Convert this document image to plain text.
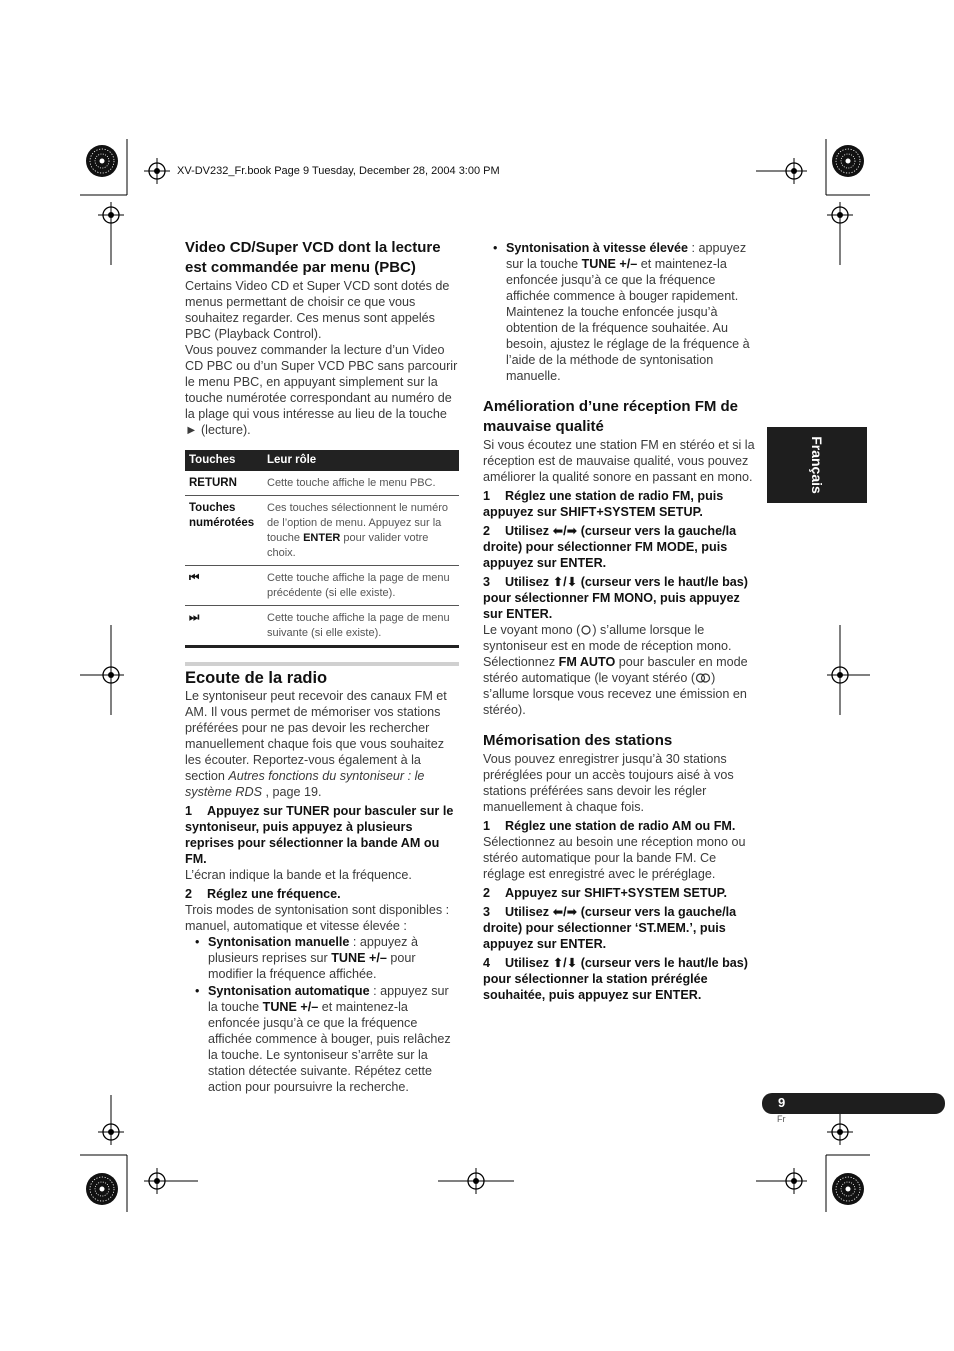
XV-DV232_Fr.book Page 9 Tuesday, December 28, 2004 3:00 PM

Video CD/Super VCD dont la lecture est commandée par menu (PBC)

Certains Video CD et Super VCD sont dotés de menus permettant de choisir ce que vous souhaitez regarder. Ces menus sont appelés PBC (Playback Control).

Vous pouvez commander la lecture d’un Video CD PBC ou d’un Super VCD PBC sans parcourir le menu PBC, en appuyant simplement sur la touche numérotée correspondant au numéro de la plage qui vous intéresse au lieu de la touche ► (lecture).

Touches	Leur rôle
RETURN	Cette touche affiche le menu PBC.
Touches numérotées	Ces touches sélectionnent le numéro de l’option de menu. Appuyez sur la touche ENTER pour valider votre choix.
⏮	Cette touche affiche la page de menu précédente (si elle existe).
⏭	Cette touche affiche la page de menu suivante (si elle existe).

Ecoute de la radio

Le syntoniseur peut recevoir des canaux FM et AM. Il vous permet de mémoriser vos stations préférées pour ne pas devoir les rechercher manuellement chaque fois que vous souhaitez les écouter. Reportez-vous également à la section Autres fonctions du syntoniseur : le système RDS , page 19.

1 Appuyez sur TUNER pour basculer sur le syntoniseur, puis appuyez à plusieurs reprises pour sélectionner la bande AM ou FM.

L’écran indique la bande et la fréquence.

2 Réglez une fréquence.

Trois modes de syntonisation sont disponibles : manuel, automatique et vitesse élevée :

• Syntonisation manuelle : appuyez à plusieurs reprises sur TUNE +/– pour modifier la fréquence affichée.

• Syntonisation automatique : appuyez sur la touche TUNE +/– et maintenez-la enfoncée jusqu’à ce que la fréquence affichée commence à bouger, puis relâchez la touche. Le syntoniseur s’arrête sur la station détectée suivante. Répétez cette action pour poursuivre la recherche.

• Syntonisation à vitesse élevée : appuyez sur la touche TUNE +/– et maintenez-la enfoncée jusqu’à ce que la fréquence affichée commence à bouger rapidement. Maintenez la touche enfoncée jusqu’à obtention de la fréquence souhaitée. Au besoin, ajustez le réglage de la fréquence à l’aide de la méthode de syntonisation manuelle.

Amélioration d’une réception FM de mauvaise qualité

Si vous écoutez une station FM en stéréo et si la réception est de mauvaise qualité, vous pouvez améliorer la qualité sonore en passant en mono.

1 Réglez une station de radio FM, puis appuyez sur SHIFT+SYSTEM SETUP.

2 Utilisez ⬅/➡ (curseur vers la gauche/la droite) pour sélectionner FM MODE, puis appuyez sur ENTER.

3 Utilisez ⬆/⬇ (curseur vers le haut/le bas) pour sélectionner FM MONO, puis appuyez sur ENTER.

Le voyant mono ( ) s’allume lorsque le syntoniseur est en mode de réception mono. Sélectionnez FM AUTO pour basculer en mode stéréo automatique (le voyant stéréo ( ) s’allume lorsque vous recevez une émission en stéréo).

Mémorisation des stations

Vous pouvez enregistrer jusqu’à 30 stations préréglées pour un accès toujours aisé à vos stations préférées sans devoir les régler manuellement à chaque fois.

1 Réglez une station de radio AM ou FM.

Sélectionnez au besoin une réception mono ou stéréo automatique pour la bande FM. Ce réglage est enregistré avec le préréglage.

2 Appuyez sur SHIFT+SYSTEM SETUP.

3 Utilisez ⬅/➡ (curseur vers la gauche/la droite) pour sélectionner ‘ST.MEM.’, puis appuyez sur ENTER.

4 Utilisez ⬆/⬇ (curseur vers le haut/le bas) pour sélectionner la station préréglée souhaitée, puis appuyez sur ENTER.

Français
9
Fr
